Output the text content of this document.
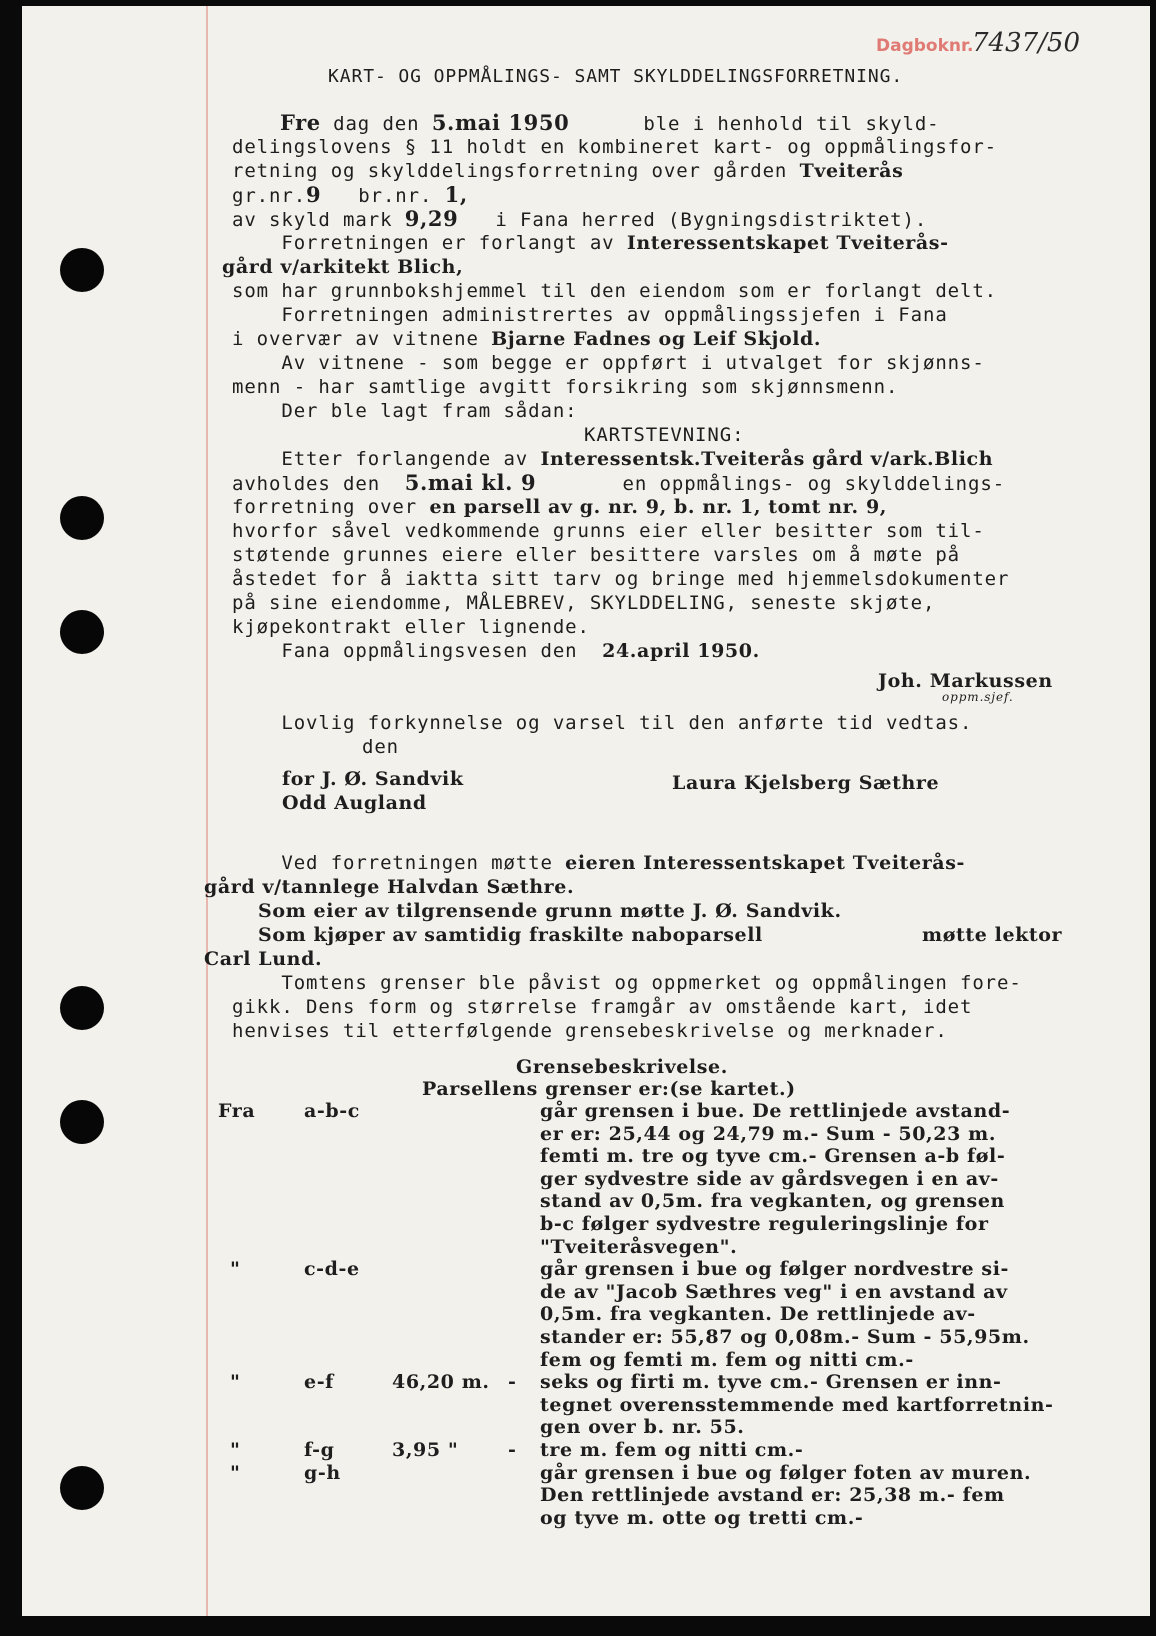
Dagboknr.
7437/50
KART- OG OPPMÅLINGS- SAMT SKYLDDELINGSFORRETNING.
Fre dag den 5.mai 1950      ble i henhold til skyld-
delingslovens § 11 holdt en kombineret kart- og oppmålingsfor-
retning og skylddelingsforretning over gården Tveiterås
gr.nr.9   br.nr. 1,
av skyld mark 9,29   i Fana herred (Bygningsdistriktet).
Forretningen er forlangt av Interessentskapet Tveiterås-
gård v/arkitekt Blich,
som har grunnbokshjemmel til den eiendom som er forlangt delt.
Forretningen administrertes av oppmålingssjefen i Fana
i overvær av vitnene Bjarne Fadnes og Leif Skjold.
Av vitnene - som begge er oppført i utvalget for skjønns-
menn - har samtlige avgitt forsikring som skjønnsmenn.
Der ble lagt fram sådan:
KARTSTEVNING:
Etter forlangende av Interessentsk.Tveiterås gård v/ark.Blich
avholdes den  5.mai kl. 9       en oppmålings- og skylddelings-
forretning over en parsell av g. nr. 9, b. nr. 1, tomt nr. 9,
hvorfor såvel vedkommende grunns eier eller besitter som til-
støtende grunnes eiere eller besittere varsles om å møte på
åstedet for å iaktta sitt tarv og bringe med hjemmelsdokumenter
på sine eiendomme, MÅLEBREV, SKYLDDELING, seneste skjøte,
kjøpekontrakt eller lignende.
Fana oppmålingsvesen den  24.april 1950.
Joh. Markussen
oppm.sjef.
Lovlig forkynnelse og varsel til den anførte tid vedtas.
den
for J. Ø. Sandvik
Odd Augland
Laura Kjelsberg Sæthre
Ved forretningen møtte eieren Interessentskapet Tveiterås-
gård v/tannlege Halvdan Sæthre.
Som eier av tilgrensende grunn møtte J. Ø. Sandvik.
Som kjøper av samtidig fraskilte naboparsell	møtte lektor
Carl Lund.
Tomtens grenser ble påvist og oppmerket og oppmålingen fore-
gikk. Dens form og størrelse framgår av omstående kart, idet
henvises til etterfølgende grensebeskrivelse og merknader.
Grensebeskrivelse.
Parsellens grenser er:(se kartet.)
Fra	a-b-c	går grensen i bue. De rettlinjede avstand-
er er: 25,44 og 24,79 m.- Sum - 50,23 m.
femti m. tre og tyve cm.- Grensen a-b føl-
ger sydvestre side av gårdsvegen i en av-
stand av 0,5m. fra vegkanten, og grensen
b-c følger sydvestre reguleringslinje for
"Tveiteråsvegen".
"	c-d-e	går grensen i bue og følger nordvestre si-
de av "Jacob Sæthres veg" i en avstand av
0,5m. fra vegkanten. De rettlinjede av-
stander er: 55,87 og 0,08m.- Sum - 55,95m.
fem og femti m. fem og nitti cm.-
"	e-f	46,20 m. - seks og firti m. tyve cm.- Grensen er inn-
tegnet overensstemmende med kartforretnin-
gen over b. nr. 55.
"	f-g	3,95 "	- tre m. fem og nitti cm.-
"	g-h	går grensen i bue og følger foten av muren.
Den rettlinjede avstand er: 25,38 m.- fem
og tyve m. otte og tretti cm.-
